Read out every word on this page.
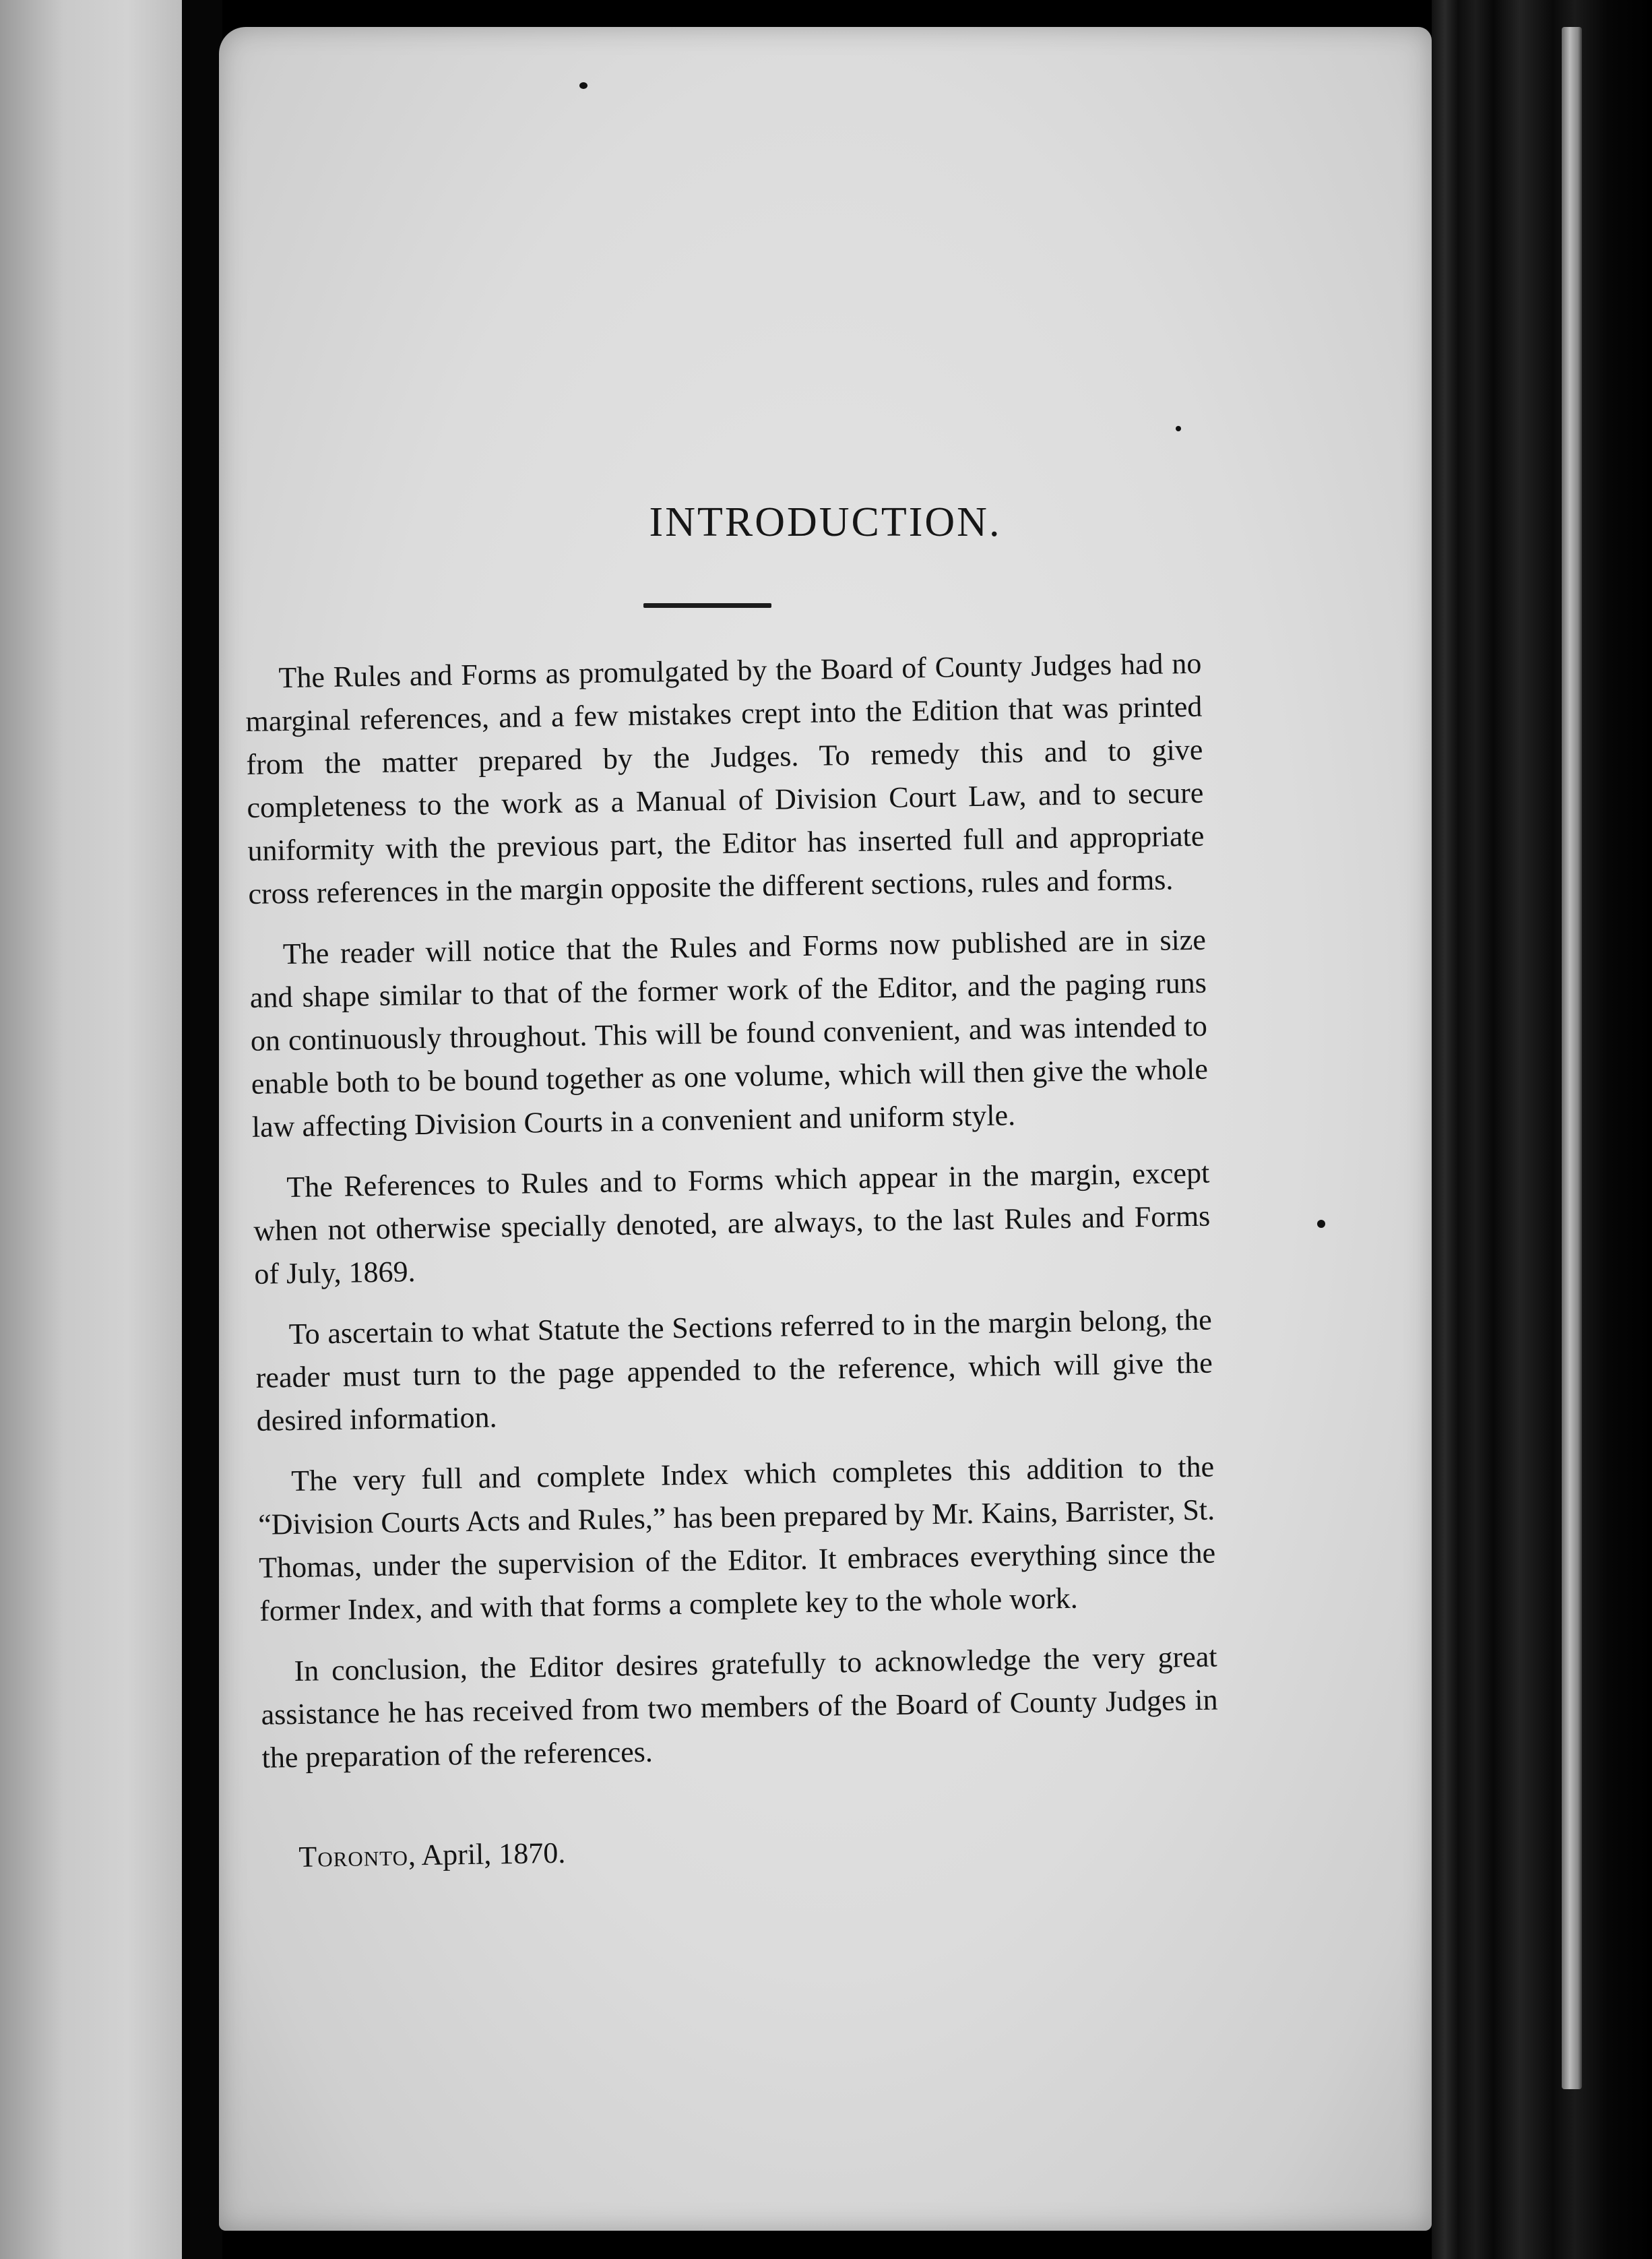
INTRODUCTION.

The Rules and Forms as promulgated by the Board of County Judges had no marginal references, and a few mistakes crept into the Edition that was printed from the matter prepared by the Judges. To remedy this and to give completeness to the work as a Manual of Division Court Law, and to secure uniformity with the previous part, the Editor has inserted full and appropriate cross references in the margin opposite the different sections, rules and forms.

The reader will notice that the Rules and Forms now published are in size and shape similar to that of the former work of the Editor, and the paging runs on continuously throughout. This will be found convenient, and was intended to enable both to be bound together as one volume, which will then give the whole law affecting Division Courts in a convenient and uniform style.

The References to Rules and to Forms which appear in the margin, except when not otherwise specially denoted, are always, to the last Rules and Forms of July, 1869.

To ascertain to what Statute the Sections referred to in the margin belong, the reader must turn to the page appended to the reference, which will give the desired information.

The very full and complete Index which completes this addition to the “Division Courts Acts and Rules,” has been prepared by Mr. Kains, Barrister, St. Thomas, under the supervision of the Editor. It embraces everything since the former Index, and with that forms a complete key to the whole work.

In conclusion, the Editor desires gratefully to acknowledge the very great assistance he has received from two members of the Board of County Judges in the preparation of the references.

Toronto, April, 1870.
